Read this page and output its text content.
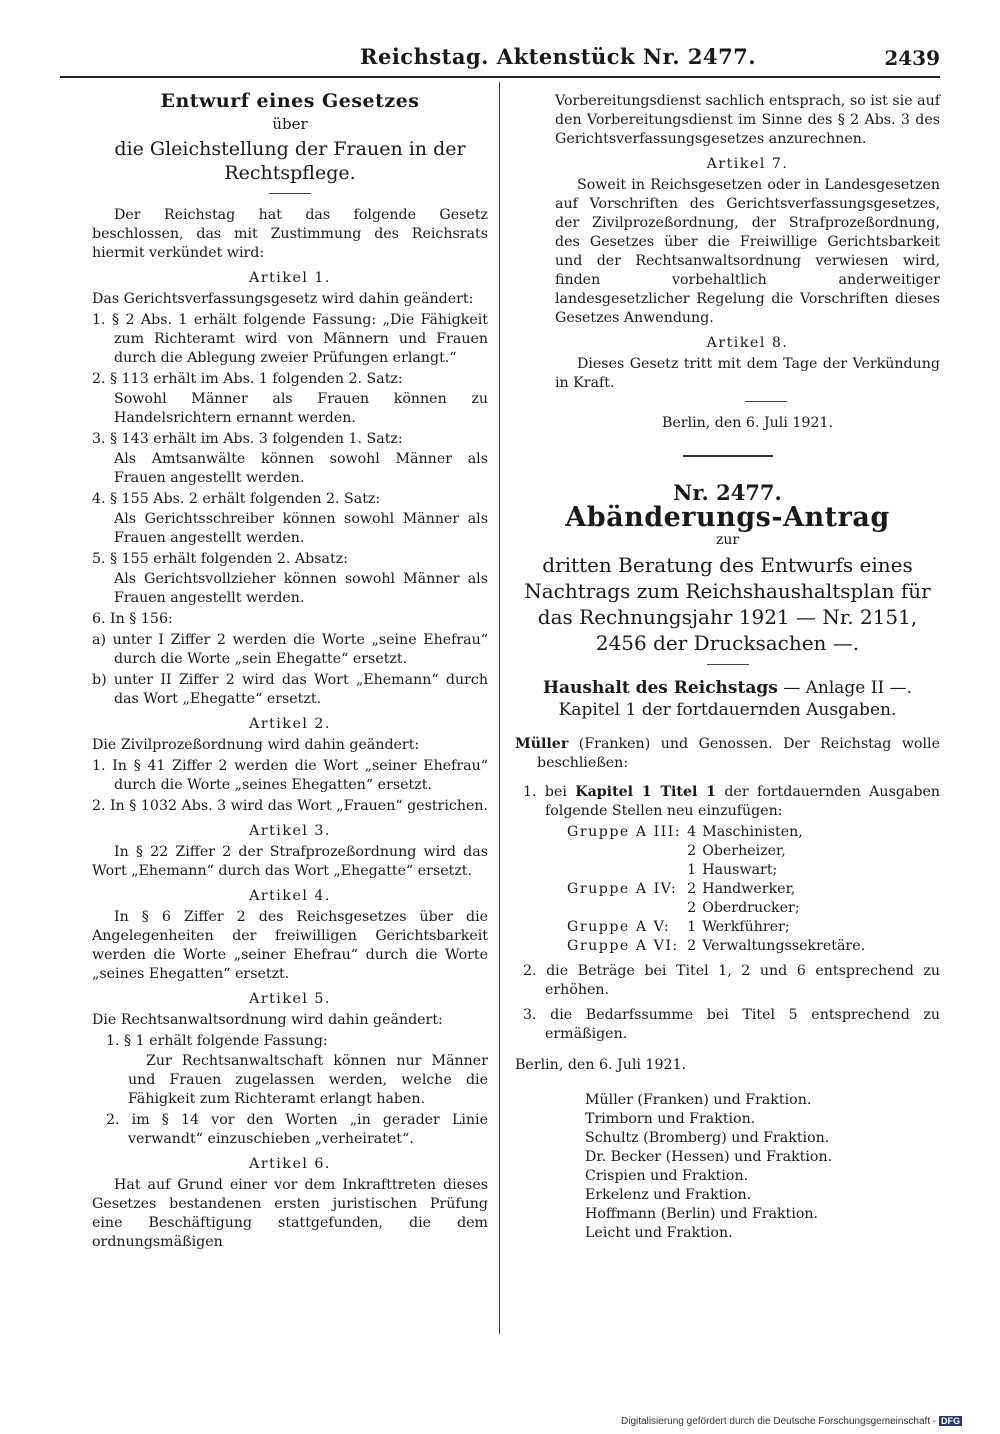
Reichstag. Aktenstück Nr. 2477.	2439

Entwurf eines Gesetzes

über

die Gleichstellung der Frauen in der Rechtspflege.

Der Reichstag hat das folgende Gesetz beschlossen, das mit Zustimmung des Reichsrats hiermit verkündet wird:

Artikel 1.

Das Gerichtsverfassungsgesetz wird dahin geändert:

1. § 2 Abs. 1 erhält folgende Fassung: „Die Fähigkeit zum Richteramt wird von Männern und Frauen durch die Ablegung zweier Prüfungen erlangt.“

2. § 113 erhält im Abs. 1 folgenden 2. Satz:

Sowohl Männer als Frauen können zu Handelsrichtern ernannt werden.

3. § 143 erhält im Abs. 3 folgenden 1. Satz:

Als Amtsanwälte können sowohl Männer als Frauen angestellt werden.

4. § 155 Abs. 2 erhält folgenden 2. Satz:

Als Gerichtsschreiber können sowohl Männer als Frauen angestellt werden.

5. § 155 erhält folgenden 2. Absatz:

Als Gerichtsvollzieher können sowohl Männer als Frauen angestellt werden.

6. In § 156:

a) unter I Ziffer 2 werden die Worte „seine Ehefrau“ durch die Worte „sein Ehegatte“ ersetzt.

b) unter II Ziffer 2 wird das Wort „Ehemann“ durch das Wort „Ehegatte“ ersetzt.

Artikel 2.

Die Zivilprozeßordnung wird dahin geändert:

1. In § 41 Ziffer 2 werden die Wort „seiner Ehefrau“ durch die Worte „seines Ehegatten“ ersetzt.

2. In § 1032 Abs. 3 wird das Wort „Frauen“ gestrichen.

Artikel 3.

In § 22 Ziffer 2 der Strafprozeßordnung wird das Wort „Ehemann“ durch das Wort „Ehegatte“ ersetzt.

Artikel 4.

In § 6 Ziffer 2 des Reichsgesetzes über die Angelegenheiten der freiwilligen Gerichtsbarkeit werden die Worte „seiner Ehefrau“ durch die Worte „seines Ehegatten“ ersetzt.

Artikel 5.

Die Rechtsanwaltsordnung wird dahin geändert:

1. § 1 erhält folgende Fassung:

Zur Rechtsanwaltschaft können nur Männer und Frauen zugelassen werden, welche die Fähigkeit zum Richteramt erlangt haben.

2. im § 14 vor den Worten „in gerader Linie verwandt“ einzuschieben „verheiratet“.

Artikel 6.

Hat auf Grund einer vor dem Inkrafttreten dieses Gesetzes bestandenen ersten juristischen Prüfung eine Beschäftigung stattgefunden, die dem ordnungsmäßigen

Vorbereitungsdienst sachlich entsprach, so ist sie auf den Vorbereitungsdienst im Sinne des § 2 Abs. 3 des Gerichtsverfassungsgesetzes anzurechnen.

Artikel 7.

Soweit in Reichsgesetzen oder in Landesgesetzen auf Vorschriften des Gerichtsverfassungsgesetzes, der Zivilprozeßordnung, der Strafprozeßordnung, des Gesetzes über die Freiwillige Gerichtsbarkeit und der Rechtsanwaltsordnung verwiesen wird, finden vorbehaltlich anderweitiger landesgesetzlicher Regelung die Vorschriften dieses Gesetzes Anwendung.

Artikel 8.

Dieses Gesetz tritt mit dem Tage der Verkündung in Kraft.

Berlin, den 6. Juli 1921.

Nr. 2477.

Abänderungs-Antrag

zur

dritten Beratung des Entwurfs eines Nachtrags zum Reichshaushaltsplan für das Rechnungsjahr 1921 — Nr. 2151, 2456 der Drucksachen —.

Haushalt des Reichstags — Anlage II —.

Kapitel 1 der fortdauernden Ausgaben.

Müller (Franken) und Genossen. Der Reichstag wolle beschließen:

1. bei Kapitel 1 Titel 1 der fortdauernden Ausgaben folgende Stellen neu einzufügen:

Gruppe A III:	4	Maschinisten,
	2	Oberheizer,
	1	Hauswart;
Gruppe A IV:	2	Handwerker,
	2	Oberdrucker;
Gruppe A V:	1	Werkführer;
Gruppe A VI:	2	Verwaltungssekretäre.

2. die Beträge bei Titel 1, 2 und 6 entsprechend zu erhöhen.

3. die Bedarfssumme bei Titel 5 entsprechend zu ermäßigen.

Berlin, den 6. Juli 1921.

Müller (Franken) und Fraktion.
Trimborn und Fraktion.
Schultz (Bromberg) und Fraktion.
Dr. Becker (Hessen) und Fraktion.
Crispien und Fraktion.
Erkelenz und Fraktion.
Hoffmann (Berlin) und Fraktion.
Leicht und Fraktion.
Digitalisierung gefördert durch die Deutsche Forschungsgemeinschaft - DFG
